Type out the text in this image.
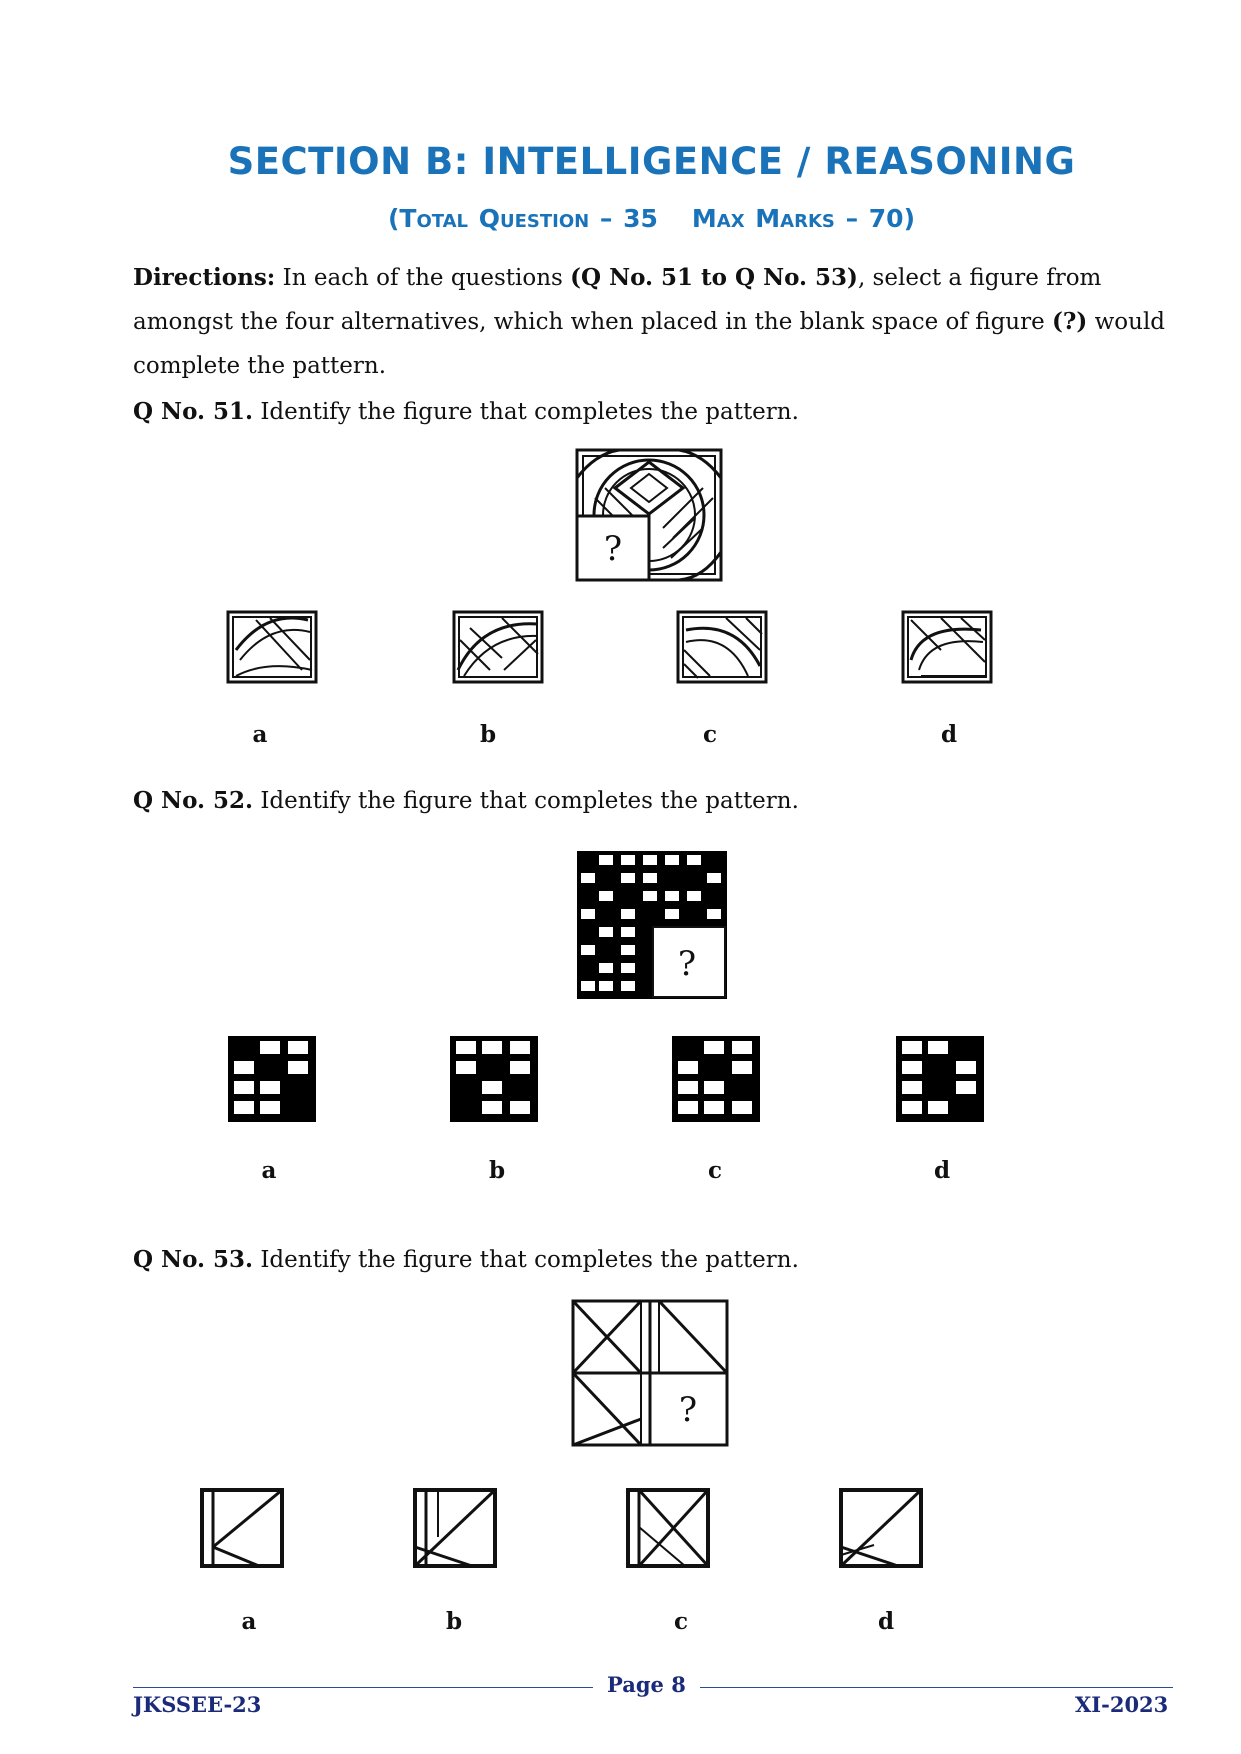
SECTION B: INTELLIGENCE / REASONING
(Total Question – 35 Max Marks – 70)
Directions: In each of the questions (Q No. 51 to Q No. 53), select a figure from amongst the four alternatives, which when placed in the blank space of figure (?) would complete the pattern.
Q No. 51. Identify the figure that completes the pattern.
?
a	b	c	d
Q No. 52. Identify the figure that completes the pattern.
?
a	b	c	d
Q No. 53. Identify the figure that completes the pattern.
?
a	b	c	d
Page 8
JKSSEE-23	XI-2023
